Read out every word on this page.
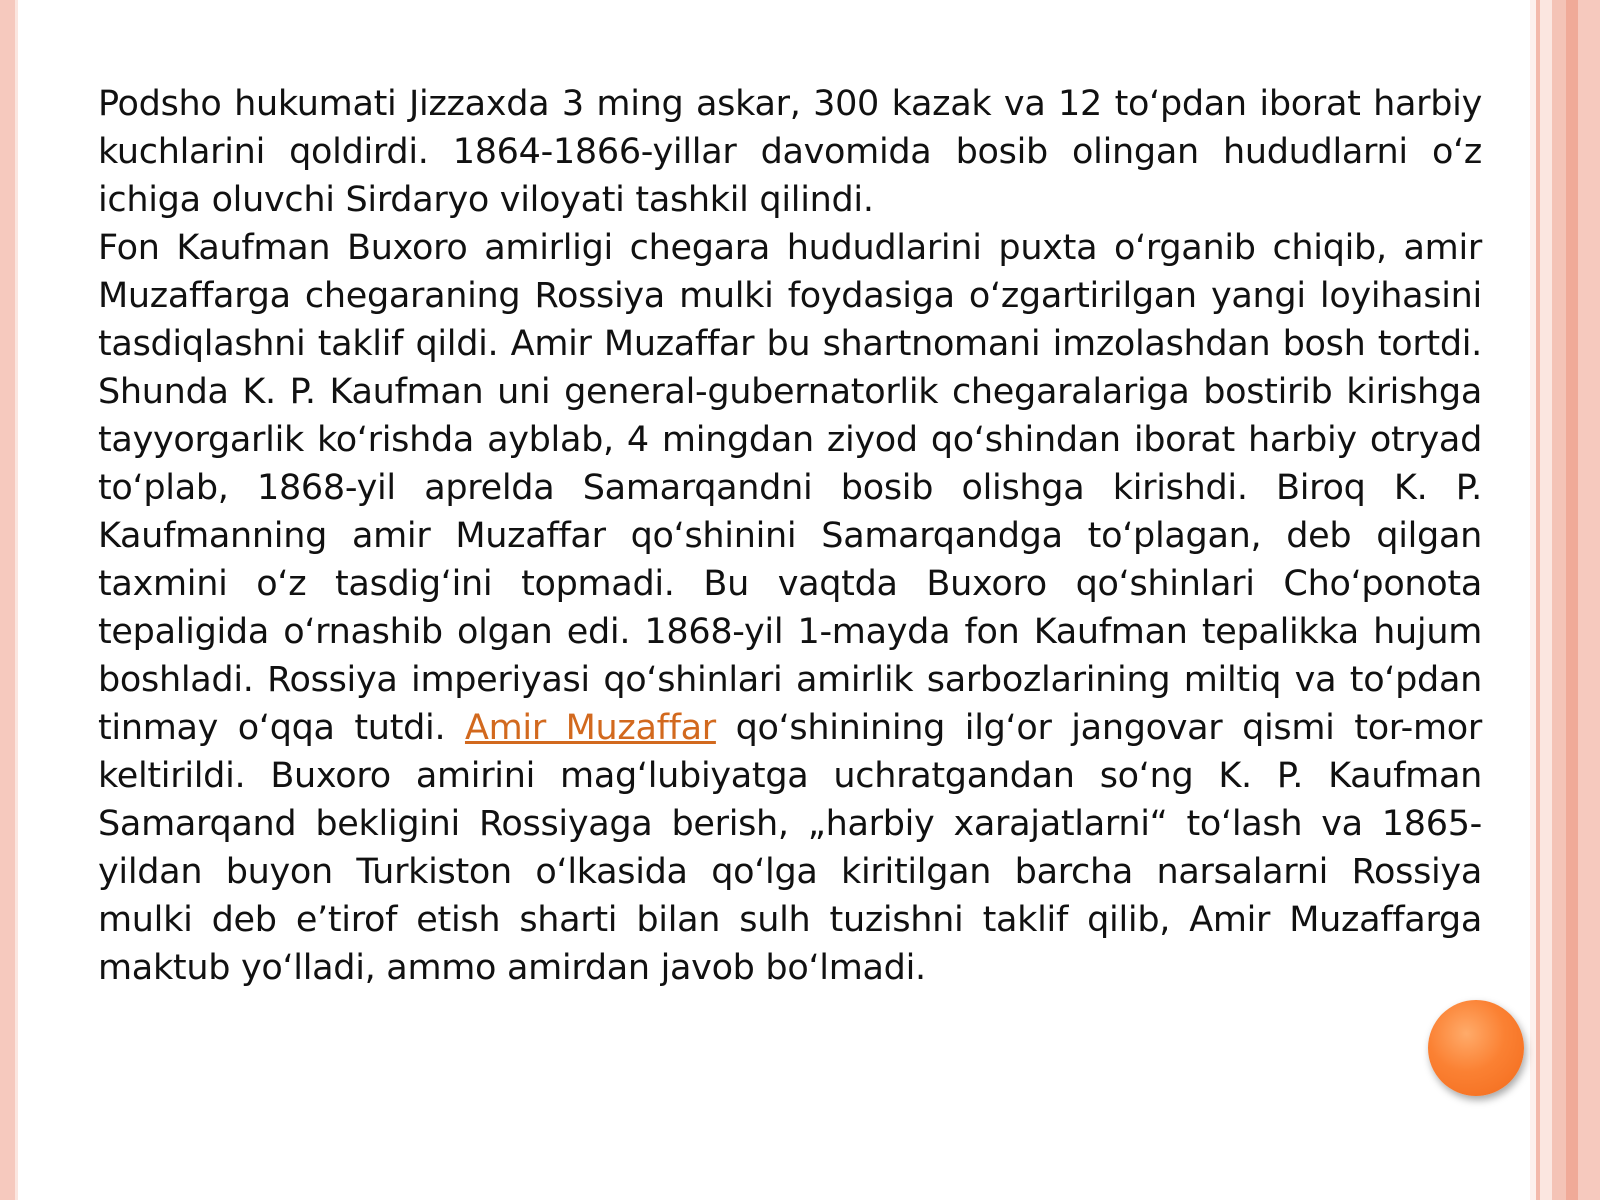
Podsho hukumati Jizzaxda 3 ming askar, 300 kazak va 12 to‘pdan iborat harbiy kuchlarini qoldirdi. 1864-1866-yillar davomida bosib olingan hududlarni o‘z ichiga oluvchi Sirdaryo viloyati tashkil qilindi.

Fon Kaufman Buxoro amirligi chegara hududlarini puxta o‘rganib chiqib, amir Muzaffarga chegaraning Rossiya mulki foydasiga o‘zgartirilgan yangi loyihasini tasdiqlashni taklif qildi. Amir Muzaffar bu shartnomani imzolashdan bosh tortdi. Shunda K. P. Kaufman uni general-gubernatorlik chegaralariga bostirib kirishga tayyorgarlik ko‘rishda ayblab, 4 mingdan ziyod qo‘shindan iborat harbiy otryad to‘plab, 1868-yil aprelda Samarqandni bosib olishga kirishdi. Biroq K. P. Kaufmanning amir Muzaffar qo‘shinini Samarqandga to‘plagan, deb qilgan taxmini o‘z tasdig‘ini topmadi. Bu vaqtda Buxoro qo‘shinlari Cho‘ponota tepaligida o‘rnashib olgan edi. 1868-yil 1-mayda fon Kaufman tepalikka hujum boshladi. Rossiya imperiyasi qo‘shinlari amirlik sarbozlarining miltiq va to‘pdan tinmay o‘qqa tutdi. Amir Muzaffar qo‘shinining ilg‘or jangovar qismi tor-mor keltirildi. Buxoro amirini mag‘lubiyatga uchratgandan so‘ng K. P. Kaufman Samarqand bekligini Rossiyaga berish, „harbiy xarajatlarni“ to‘lash va 1865-yildan buyon Turkiston o‘lkasida qo‘lga kiritilgan barcha narsalarni Rossiya mulki deb e’tirof etish sharti bilan sulh tuzishni taklif qilib, Amir Muzaffarga maktub yo‘lladi, ammo amirdan javob bo‘lmadi.
